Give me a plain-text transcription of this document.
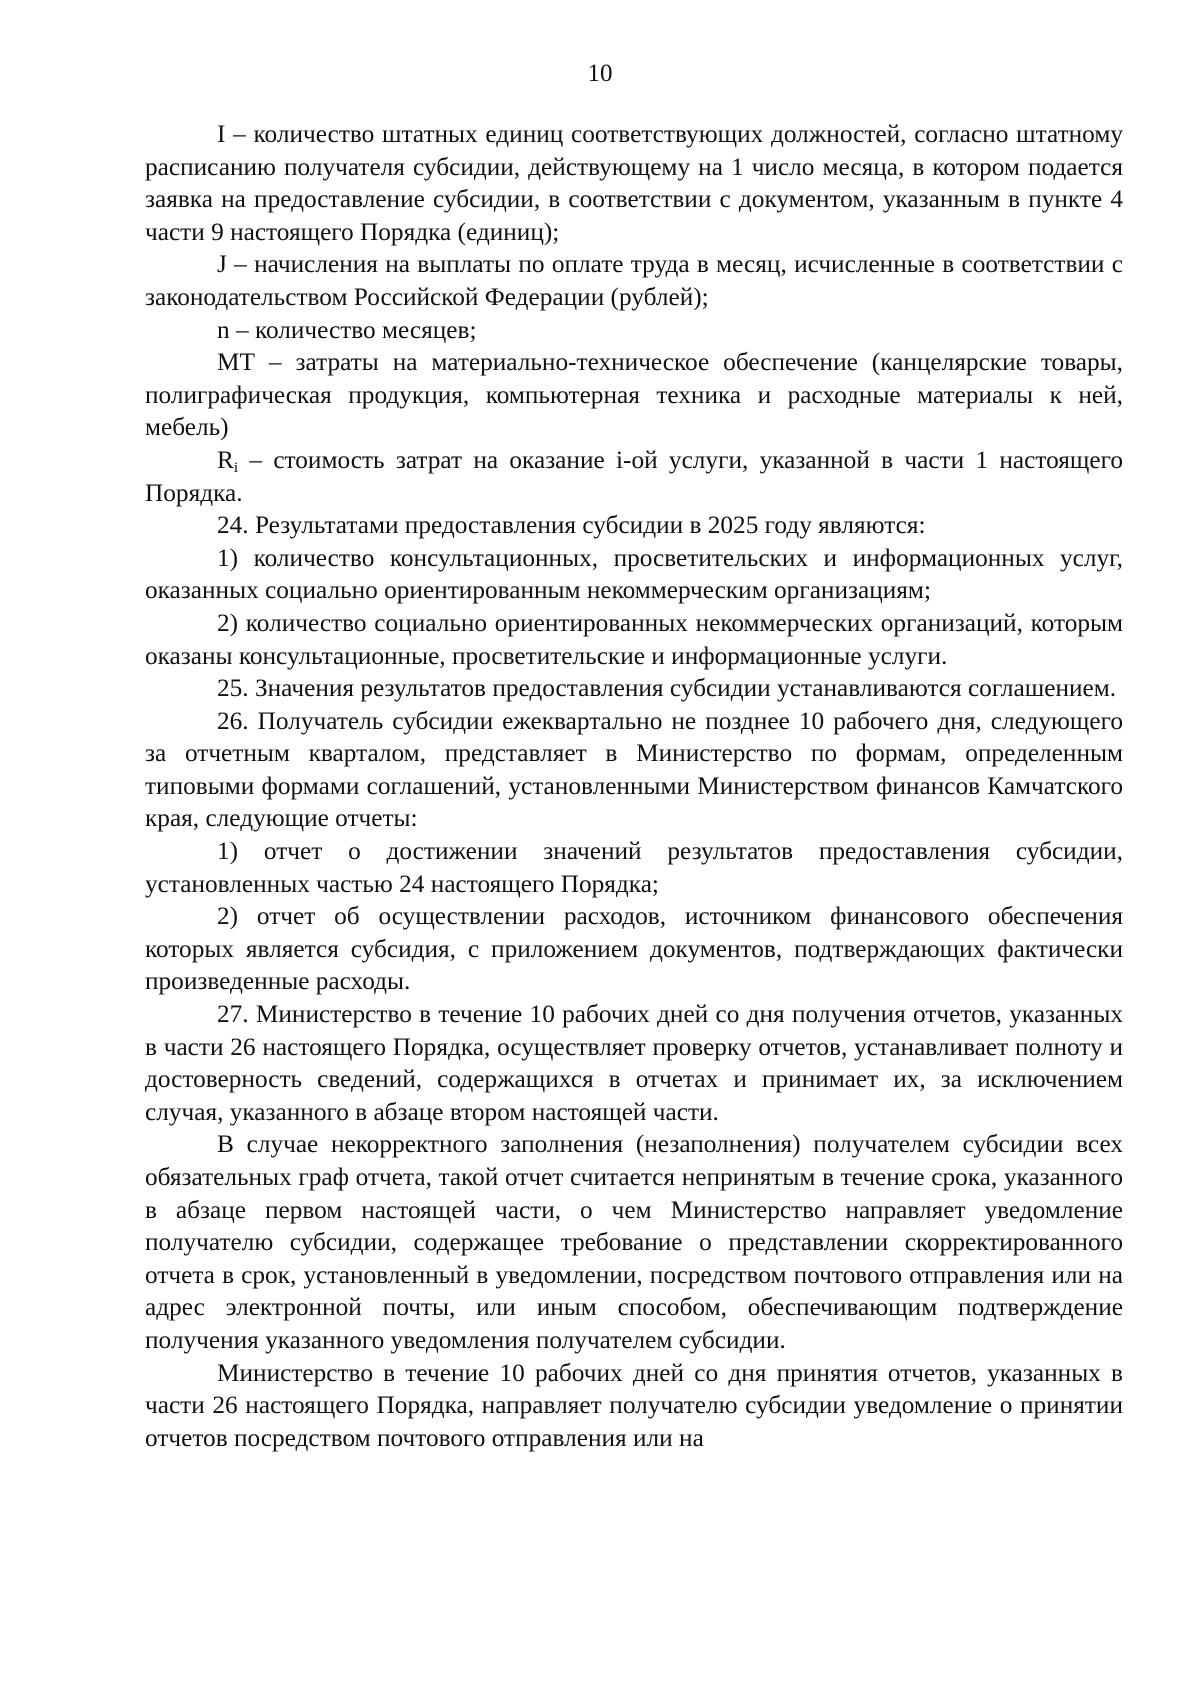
10

I – количество штатных единиц соответствующих должностей, согласно штатному расписанию получателя субсидии, действующему на 1 число месяца, в котором подается заявка на предоставление субсидии, в соответствии с документом, указанным в пункте 4 части 9 настоящего Порядка (единиц);

J – начисления на выплаты по оплате труда в месяц, исчисленные в соответствии с законодательством Российской Федерации (рублей);

n – количество месяцев;

МТ – затраты на материально-техническое обеспечение (канцелярские товары, полиграфическая продукция, компьютерная техника и расходные материалы к ней, мебель)

$R_i$ – стоимость затрат на оказание i-ой услуги, указанной в части 1 настоящего Порядка.

24. Результатами предоставления субсидии в 2025 году являются:

1) количество консультационных, просветительских и информационных услуг, оказанных социально ориентированным некоммерческим организациям;

2) количество социально ориентированных некоммерческих организаций, которым оказаны консультационные, просветительские и информационные услуги.

25. Значения результатов предоставления субсидии устанавливаются соглашением.

26. Получатель субсидии ежеквартально не позднее 10 рабочего дня, следующего за отчетным кварталом, представляет в Министерство по формам, определенным типовыми формами соглашений, установленными Министерством финансов Камчатского края, следующие отчеты:

1) отчет о достижении значений результатов предоставления субсидии, установленных частью 24 настоящего Порядка;

2) отчет об осуществлении расходов, источником финансового обеспечения которых является субсидия, с приложением документов, подтверждающих фактически произведенные расходы.

27. Министерство в течение 10 рабочих дней со дня получения отчетов, указанных в части 26 настоящего Порядка, осуществляет проверку отчетов, устанавливает полноту и достоверность сведений, содержащихся в отчетах и принимает их, за исключением случая, указанного в абзаце втором настоящей части.

В случае некорректного заполнения (незаполнения) получателем субсидии всех обязательных граф отчета, такой отчет считается непринятым в течение срока, указанного в абзаце первом настоящей части, о чем Министерство направляет уведомление получателю субсидии, содержащее требование о представлении скорректированного отчета в срок, установленный в уведомлении, посредством почтового отправления или на адрес электронной почты, или иным способом, обеспечивающим подтверждение получения указанного уведомления получателем субсидии.

Министерство в течение 10 рабочих дней со дня принятия отчетов, указанных в части 26 настоящего Порядка, направляет получателю субсидии уведомление о принятии отчетов посредством почтового отправления или на
